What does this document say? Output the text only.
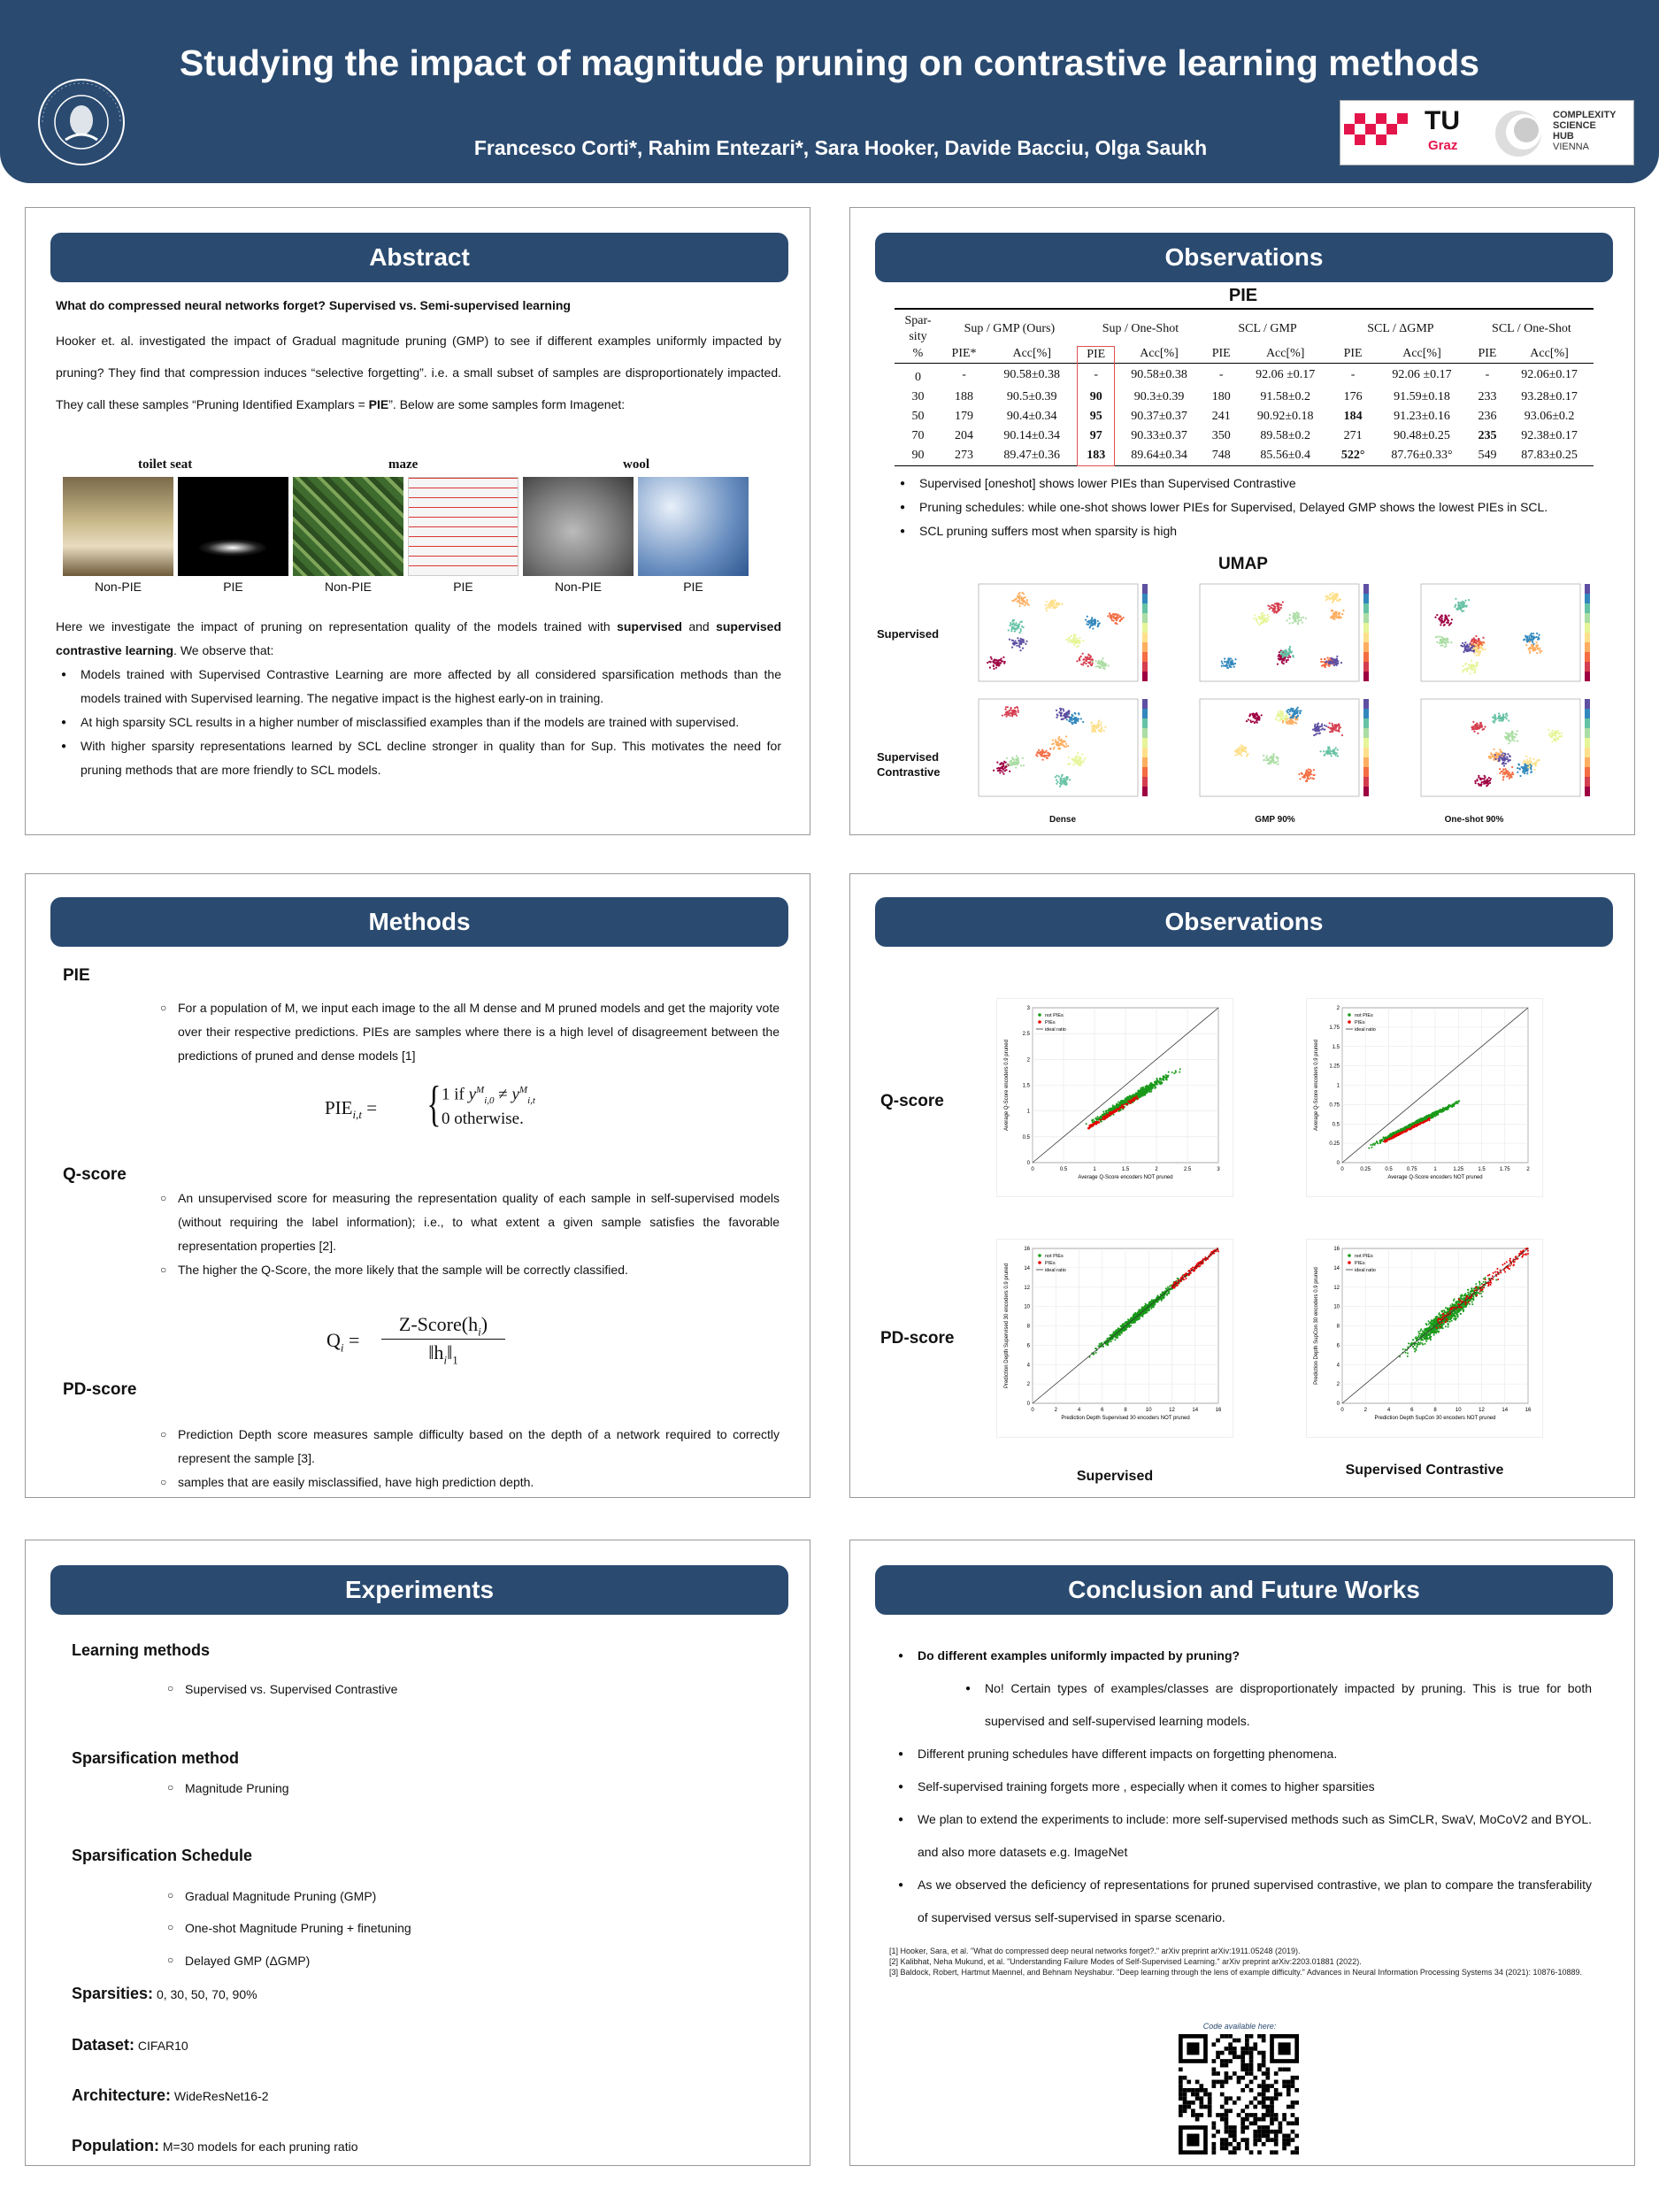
Studying the impact of magnitude pruning on contrastive learning methods
Francesco Corti*, Rahim Entezari*, Sara Hooker, Davide Bacciu, Olga Saukh
TU
Graz
COMPLEXITY
SCIENCE
HUB
VIENNA
Abstract
What do compressed neural networks forget? Supervised vs. Semi-supervised learning
Hooker et. al. investigated the impact of Gradual magnitude pruning (GMP) to see if different examples uniformly impacted by pruning? They find that compression induces “selective forgetting”. i.e. a small subset of samples are disproportionately impacted. They call these samples “Pruning Identified Examplars = PIE”. Below are some samples form Imagenet:
toilet seat	maze	wool
Non-PIE	PIE	Non-PIE	PIE	Non-PIE	PIE
Here we investigate the impact of pruning on representation quality of the models trained with supervised and supervised contrastive learning. We observe that:
● Models trained with Supervised Contrastive Learning are more affected by all considered sparsification methods than the models trained with Supervised learning. The negative impact is the highest early-on in training.
● At high sparsity SCL results in a higher number of misclassified examples than if the models are trained with supervised.
● With higher sparsity representations learned by SCL decline stronger in quality than for Sup. This motivates the need for pruning methods that are more friendly to SCL models.
Observations
PIE
Spar-
sity	Sup / GMP (Ours)		Sup / One-Shot		SCL / GMP		SCL / ΔGMP		SCL / One-Shot	

%	PIE*	Acc[%]	PIE	Acc[%]	PIE	Acc[%]	PIE	Acc[%]	PIE	Acc[%]
0	-	90.58±0.38	-	90.58±0.38	-	92.06 ±0.17	-	92.06 ±0.17	-	92.06±0.17
30	188	90.5±0.39	90	90.3±0.39	180	91.58±0.2	176	91.59±0.18	233	93.28±0.17
50	179	90.4±0.34	95	90.37±0.37	241	90.92±0.18	184	91.23±0.16	236	93.06±0.2
70	204	90.14±0.34	97	90.33±0.37	350	89.58±0.2	271	90.48±0.25	235	92.38±0.17
90	273	89.47±0.36	183	89.64±0.34	748	85.56±0.4	522°	87.76±0.33°	549	87.83±0.25
● Supervised [oneshot] shows lower PIEs than Supervised Contrastive
● Pruning schedules: while one-shot shows lower PIEs for Supervised, Delayed GMP shows the lowest PIEs in SCL.
● SCL pruning suffers most when sparsity is high
UMAP
Supervised
Supervised Contrastive
Dense	GMP 90%	One-shot 90%
Methods
PIE
○ For a population of M, we input each image to the all M dense and M pruned models and get the majority vote over their respective predictions. PIEs are samples where there is a high level of disagreement between the predictions of pruned and dense models [1]
$PIE_{i,t}$ = { 1 if $y^M_{i,0} \ne y^M_{i,t}$
0 otherwise.
Q-score
○ An unsupervised score for measuring the representation quality of each sample in self-supervised models (without requiring the label information); i.e., to what extent a given sample satisfies the favorable representation properties [2].
○ The higher the Q-Score, the more likely that the sample will be correctly classified.
$Q_i$ =
$Z-Score(h_i)$
$‖h_i‖_1$
PD-score
○ Prediction Depth score measures sample difficulty based on the depth of a network required to correctly represent the sample [3].
○ samples that are easily misclassified, have high prediction depth.
Observations
Q-score
PD-score
0
0
0.5
0.5
1
1
1.5
1.5
2
2
2.5
2.5
3
3
not PIEs
PIEs
ideal ratio
Average Q-Score encoders NOT pruned
Average Q-Score encoders 0.9 pruned
0
0
0.25
0.25
0.5
0.5
0.75
0.75
1
1
1.25
1.25
1.5
1.5
1.75
1.75
2
2
not PIEs
PIEs
ideal ratio
Average Q-Score encoders NOT pruned
Average Q-Score encoders 0.9 pruned
0
0
2
2
4
4
6
6
8
8
10
10
12
12
14
14
16
16
not PIEs
PIEs
ideal ratio
Prediction Depth Supervised 30 encoders NOT pruned
Prediction Depth Supervised 30 encoders 0.9 pruned
0
0
2
2
4
4
6
6
8
8
10
10
12
12
14
14
16
16
not PIEs
PIEs
ideal ratio
Prediction Depth SupCon 30 encoders NOT pruned
Prediction Depth SupCon 30 encoders 0.9 pruned
Supervised	Supervised Contrastive
Experiments
Learning methods
○ Supervised vs. Supervised Contrastive
Sparsification method
○ Magnitude Pruning
Sparsification Schedule
○ Gradual Magnitude Pruning (GMP)
○ One-shot Magnitude Pruning + finetuning
○ Delayed GMP (ΔGMP)
Sparsities: 0, 30, 50, 70, 90%
Dataset: CIFAR10
Architecture: WideResNet16-2
Population: M=30 models for each pruning ratio
Conclusion and Future Works
● Do different examples uniformly impacted by pruning?
● No! Certain types of examples/classes are disproportionately impacted by pruning. This is true for both supervised and self-supervised learning models.
● Different pruning schedules have different impacts on forgetting phenomena.
● Self-supervised training forgets more , especially when it comes to higher sparsities
● We plan to extend the experiments to include: more self-supervised methods such as SimCLR, SwaV, MoCoV2 and BYOL. and also more datasets e.g. ImageNet
● As we observed the deficiency of representations for pruned supervised contrastive, we plan to compare the transferability of supervised versus self-supervised in sparse scenario.
[1] Hooker, Sara, et al. "What do compressed deep neural networks forget?." arXiv preprint arXiv:1911.05248 (2019).
[2] Kalibhat, Neha Mukund, et al. "Understanding Failure Modes of Self-Supervised Learning." arXiv preprint arXiv:2203.01881 (2022).
[3] Baldock, Robert, Hartmut Maennel, and Behnam Neyshabur. "Deep learning through the lens of example difficulty." Advances in Neural Information Processing Systems 34 (2021): 10876-10889.
Code available here:
